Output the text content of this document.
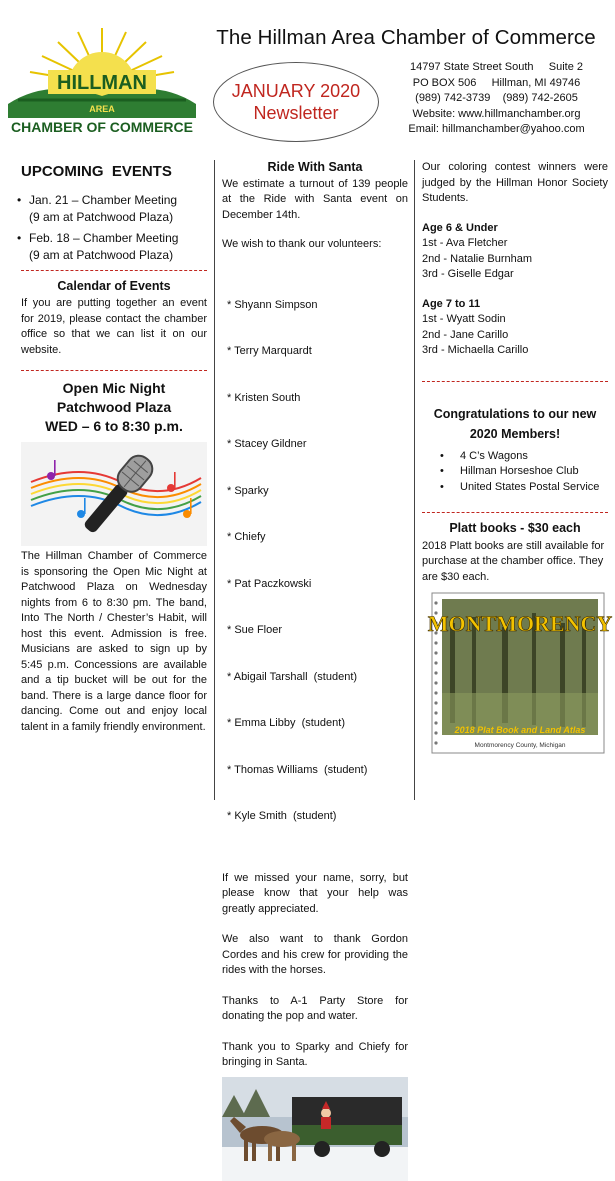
HILLMAN
AREA
CHAMBER OF COMMERCE
The Hillman Area Chamber of Commerce
JANUARY 2020
Newsletter
14797 State Street South     Suite 2
PO BOX 506     Hillman, MI 49746
(989) 742-3739    (989) 742-2605
Website: www.hillmanchamber.org
Email: hillmanchamber@yahoo.com
UPCOMING  EVENTS
• Jan. 21 – Chamber Meeting
(9 am at Patchwood Plaza)
• Feb. 18 – Chamber Meeting
(9 am at Patchwood Plaza)
Calendar of Events
If you are putting together an event for 2019, please contact the chamber office so that we can list it on our website.
Open Mic Night
Patchwood Plaza
WED – 6 to 8:30 p.m.
The Hillman Chamber of Commerce is sponsoring the Open Mic Night at Patchwood Plaza on Wednesday nights from 6 to 8:30 pm. The band, Into The North / Chester’s Habit, will host this event. Admission is free. Musicians are asked to sign up by 5:45 p.m. Concessions are available and a tip bucket will be out for the band. There is a large dance floor for dancing. Come out and enjoy local talent in a family friendly environment.
Ride With Santa
We estimate a turnout of 139 people at the Ride with Santa event on December 14th.
We wish to thank our volunteers:

* Shyann Simpson

* Terry Marquardt

* Kristen South

* Stacey Gildner

* Sparky

* Chiefy

* Pat Paczkowski

* Sue Floer

* Abigail Tarshall  (student)

* Emma Libby  (student)

* Thomas Williams  (student)

* Kyle Smith  (student)

If we missed your name, sorry, but please know that your help was greatly appreciated.
We also want to thank Gordon Cordes and his crew for providing the rides with the horses.
Thanks to A-1 Party Store for donating the pop and water.
Thank you to Sparky and Chiefy for bringing in Santa.
Our coloring contest winners were judged by the Hillman Honor Society Students.
Age 6 & Under
1st - Ava Fletcher
2nd - Natalie Burnham
3rd - Giselle Edgar
Age 7 to 11
1st - Wyatt Sodin
2nd - Jane Carillo
3rd - Michaella Carillo
Congratulations to our new
2020 Members!
• 4 C’s Wagons
• Hillman Horseshoe Club
• United States Postal Service
Platt books - $30 each
2018 Platt books are still available for purchase at the chamber office. They are $30 each.
MONTMORENCY
2018 Plat Book and Land Atlas
Montmorency County, Michigan
